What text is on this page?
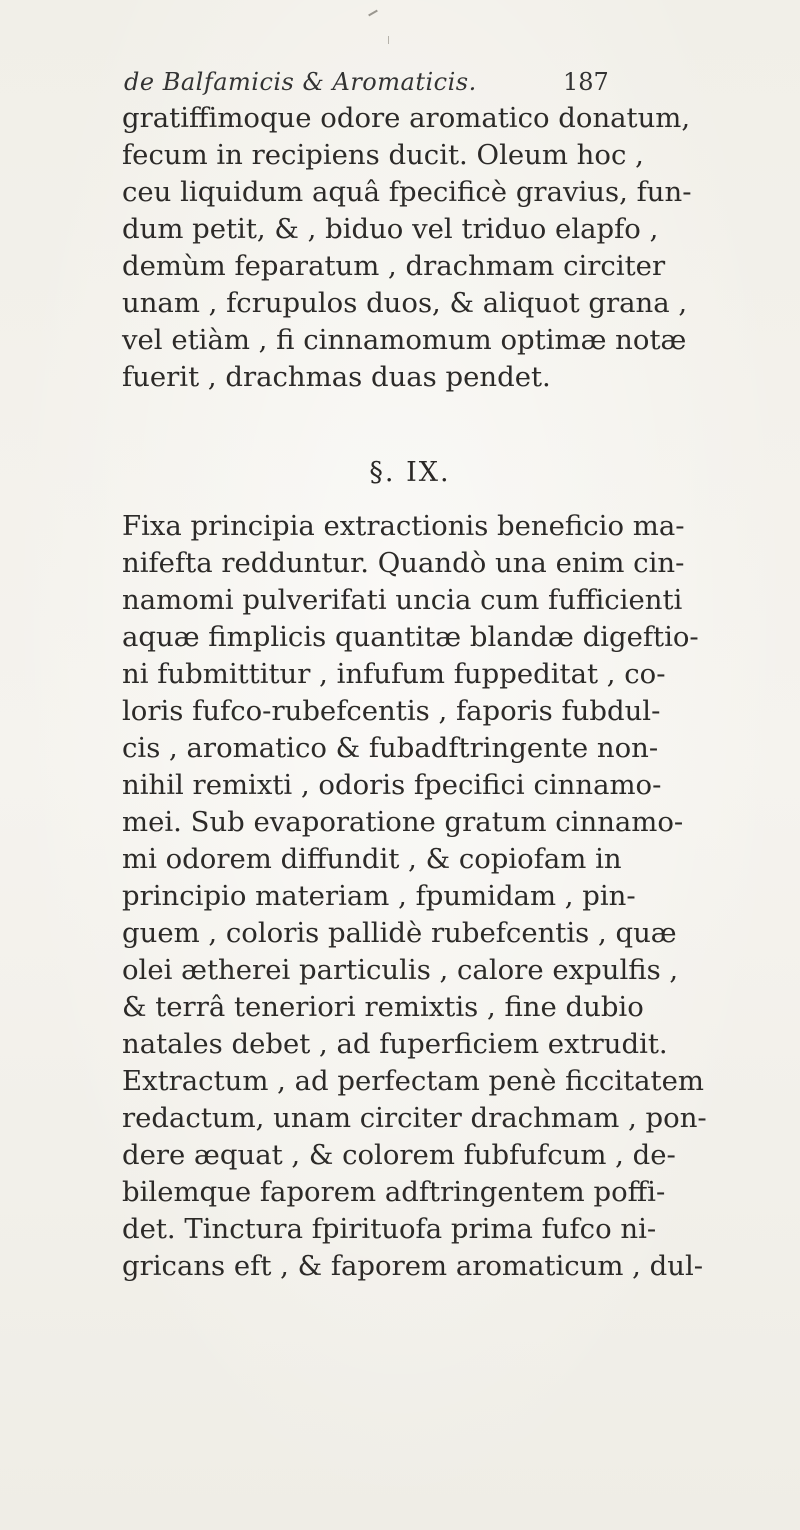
de Balfamicis & Aromaticis.	187
gratiffimoque odore aromatico donatum,
fecum in recipiens ducit. Oleum hoc ,
ceu liquidum aquâ fpecificè gravius, fun-
dum petit, & , biduo vel triduo elapfo ,
demùm feparatum , drachmam circiter
unam , fcrupulos duos, & aliquot grana ,
vel etiàm , fi cinnamomum optimæ notæ
fuerit , drachmas duas pendet.
§. IX.
Fixa principia extractionis beneficio ma-
nifefta redduntur. Quandò una enim cin-
namomi pulverifati uncia cum fufficienti
aquæ fimplicis quantitæ blandæ digeftio-
ni fubmittitur , infufum fuppeditat , co-
loris fufco-rubefcentis , faporis fubdul-
cis , aromatico & fubadftringente non-
nihil remixti , odoris fpecifici cinnamo-
mei. Sub evaporatione gratum cinnamo-
mi odorem diffundit , & copiofam in
principio materiam , fpumidam , pin-
guem , coloris pallidè rubefcentis , quæ
olei ætherei particulis , calore expulfis ,
& terrâ teneriori remixtis , fine dubio
natales debet , ad fuperficiem extrudit.
Extractum , ad perfectam penè ficcitatem
redactum, unam circiter drachmam , pon-
dere æquat , & colorem fubfufcum , de-
bilemque faporem adftringentem poffi-
det. Tinctura fpirituofa prima fufco ni-
gricans eft , & faporem aromaticum , dul-
